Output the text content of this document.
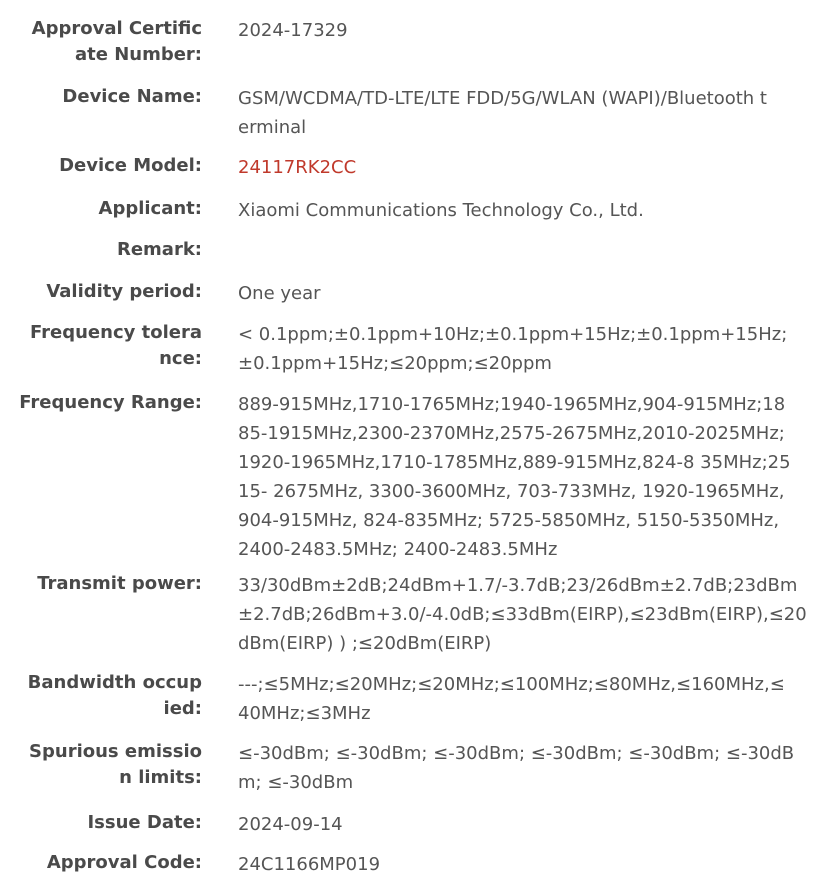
Approval Certific
ate Number:
2024-17329
Device Name: GSM/WCDMA/TD-LTE/LTE FDD/5G/WLAN (WAPI)/Bluetooth t
erminal
Device Model: 24117RK2CC
Applicant: Xiaomi Communications Technology Co., Ltd.
Remark:
Validity period: One year
Frequency tolera
nce:
< 0.1ppm;±0.1ppm+10Hz;±0.1ppm+15Hz;±0.1ppm+15Hz;
±0.1ppm+15Hz;≤20ppm;≤20ppm
Frequency Range: 889-915MHz,1710-1765MHz;1940-1965MHz,904-915MHz;18
85-1915MHz,2300-2370MHz,2575-2675MHz,2010-2025MHz;
1920-1965MHz,1710-1785MHz,889-915MHz,824-8 35MHz;25
15- 2675MHz, 3300-3600MHz, 703-733MHz, 1920-1965MHz,
904-915MHz, 824-835MHz; 5725-5850MHz, 5150-5350MHz,
2400-2483.5MHz; 2400-2483.5MHz
Transmit power: 33/30dBm±2dB;24dBm+1.7/-3.7dB;23/26dBm±2.7dB;23dBm
±2.7dB;26dBm+3.0/-4.0dB;≤33dBm(EIRP),≤23dBm(EIRP),≤20
dBm(EIRP) ) ;≤20dBm(EIRP)
Bandwidth occup
ied:
---;≤5MHz;≤20MHz;≤20MHz;≤100MHz;≤80MHz,≤160MHz,≤
40MHz;≤3MHz
Spurious emissio
n limits:
≤-30dBm; ≤-30dBm; ≤-30dBm; ≤-30dBm; ≤-30dBm; ≤-30dB
m; ≤-30dBm
Issue Date: 2024-09-14
Approval Code: 24C1166MP019
